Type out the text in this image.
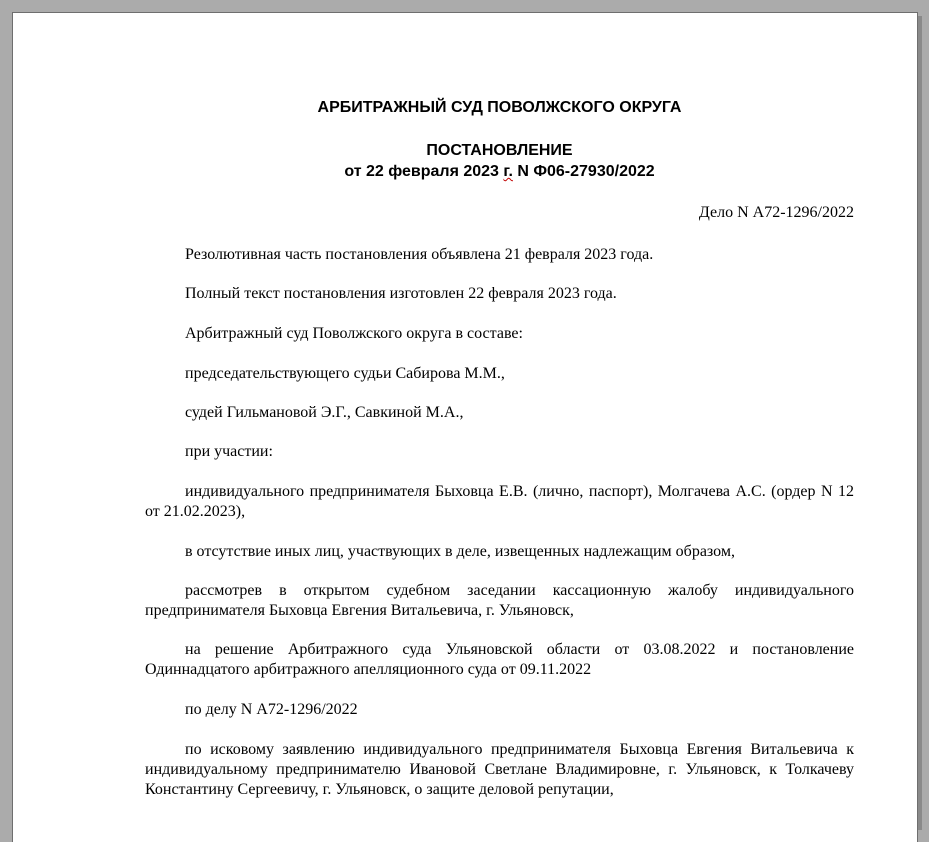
АРБИТРАЖНЫЙ СУД ПОВОЛЖСКОГО ОКРУГА

ПОСТАНОВЛЕНИЕ

от 22 февраля 2023 г. N Ф06-27930/2022

Дело N А72-1296/2022

Резолютивная часть постановления объявлена 21 февраля 2023 года.

Полный текст постановления изготовлен 22 февраля 2023 года.

Арбитражный суд Поволжского округа в составе:

председательствующего судьи Сабирова М.М.,

судей Гильмановой Э.Г., Савкиной М.А.,

при участии:

индивидуального предпринимателя Быховца Е.В. (лично, паспорт), Молгачева А.С. (ордер N 12 от 21.02.2023),

в отсутствие иных лиц, участвующих в деле, извещенных надлежащим образом,

рассмотрев в открытом судебном заседании кассационную жалобу индивидуального предпринимателя Быховца Евгения Витальевича, г. Ульяновск,

на решение Арбитражного суда Ульяновской области от 03.08.2022 и постановление Одиннадцатого арбитражного апелляционного суда от 09.11.2022

по делу N А72-1296/2022

по исковому заявлению индивидуального предпринимателя Быховца Евгения Витальевича к индивидуальному предпринимателю Ивановой Светлане Владимировне, г. Ульяновск, к Толкачеву Константину Сергеевичу, г. Ульяновск, о защите деловой репутации,
